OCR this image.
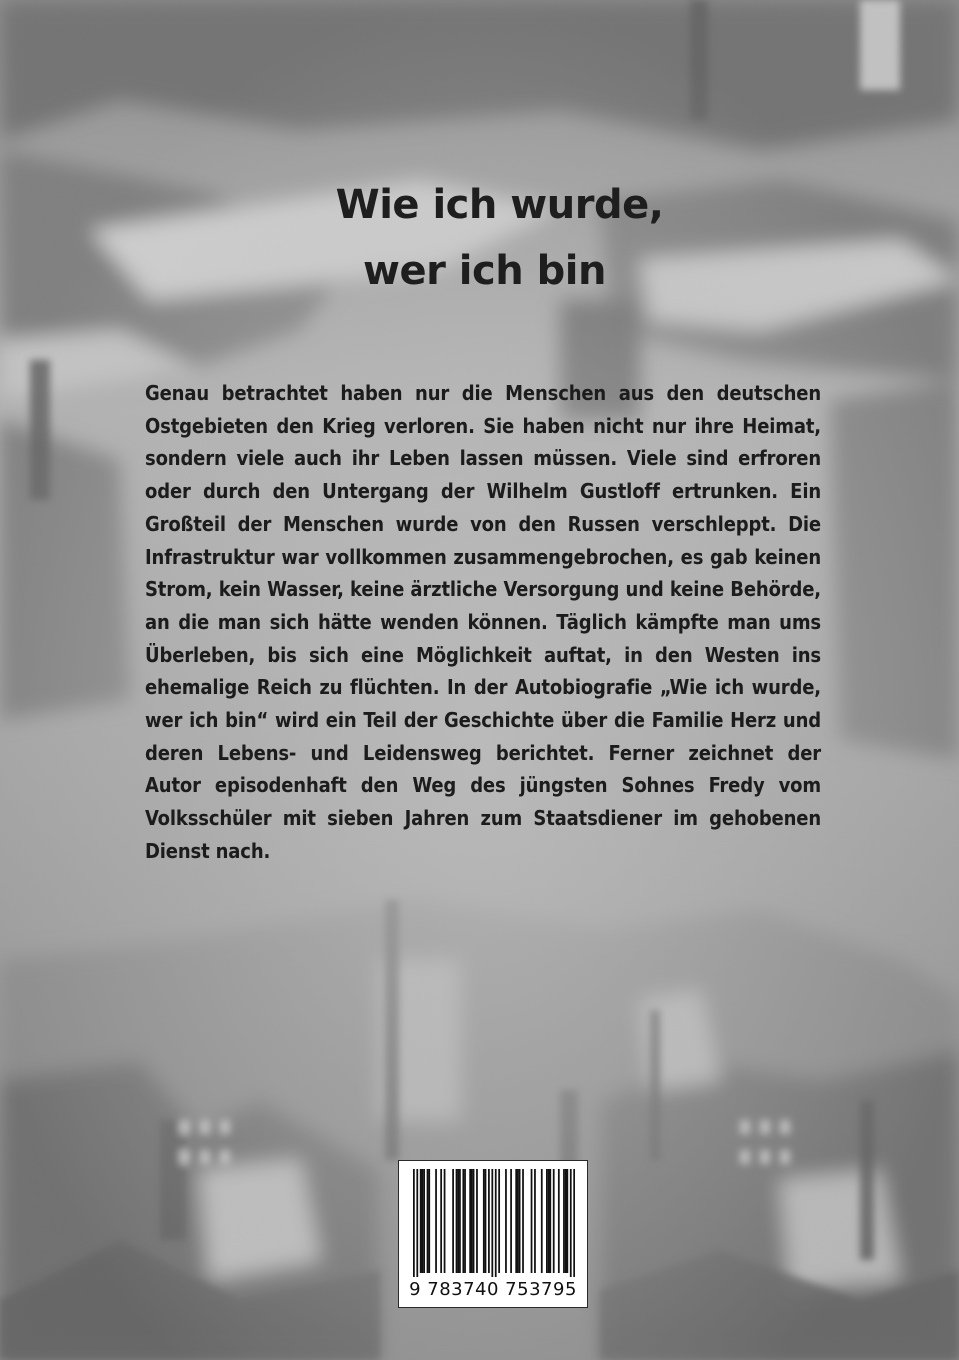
Wie ich wurde,
wer ich bin

Genau betrachtet haben nur die Menschen aus den deutschen Ostgebieten den Krieg verloren. Sie haben nicht nur ihre Heimat, sondern viele auch ihr Leben lassen müssen. Viele sind erfroren oder durch den Untergang der Wilhelm Gustloff ertrunken. Ein Großteil der Menschen wurde von den Russen verschleppt. Die Infrastruktur war vollkommen zusammengebrochen, es gab keinen Strom, kein Wasser, keine ärztliche Versorgung und keine Behörde, an die man sich hätte wenden können. Täglich kämpfte man ums Überleben, bis sich eine Möglichkeit auftat, in den Westen ins ehemalige Reich zu flüchten. In der Autobiografie „Wie ich wurde, wer ich bin“ wird ein Teil der Geschichte über die Familie Herz und deren Lebens- und Leidensweg berichtet. Ferner zeichnet der Autor episodenhaft den Weg des jüngsten Sohnes Fredy vom Volksschüler mit sieben Jahren zum Staatsdiener im gehobenen Dienst nach.

9 783740 753795
